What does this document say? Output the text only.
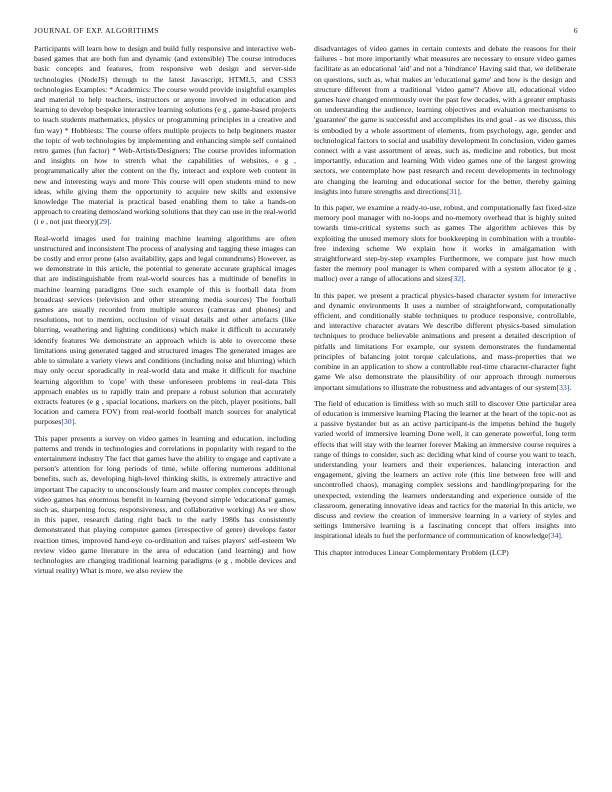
JOURNAL OF EXP. ALGORITHMS	6

Participants will learn how to design and build fully responsive and interactive web-based games that are both fun and dynamic (and extensible) The course introduces basic concepts and features, from responsive web design and server-side technologies (NodeJS) through to the latest Javascript, HTML5, and CSS3 technologies Examples: * Academics: The course would provide insightful examples and material to help teachers, instructors or anyone involved in education and learning to develop bespoke interactive learning solutions (e g , game-based projects to teach students mathematics, physics or programming principles in a creative and fun way) * Hobbiests: The course offers multiple projects to help beginners master the topic of web technologies by implementing and enhancing simple self contained retro games (fun factor) * Web-Artists/Designers: The course provides information and insights on how to stretch what the capabilities of websites, e g , programmatically alter the content on the fly, interact and explore web content in new and interesting ways and more This course will open students mind to new ideas, while giving them the opportunity to acquire new skills and extensive knowledge The material is practical based enabling them to take a hands-on approach to creating demos/and working solutions that they can use in the real-world (i e , not just theory)[29].

Real-world images used for training machine learning algorithms are often unstructured and inconsistent The process of analysing and tagging these images can be costly and error prone (also availability, gaps and legal conundrums) However, as we demonstrate in this article, the potential to generate accurate graphical images that are indistinguishable from real-world sources has a multitude of benefits in machine learning paradigms One such example of this is football data from broadcast services (television and other streaming media sources) The football games are usually recorded from multiple sources (cameras and phones) and resolutions, not to mention, occlusion of visual details and other artefacts (like blurring, weathering and lighting conditions) which make it difficult to accurately identify features We demonstrate an approach which is able to overcome these limitations using generated tagged and structured images The generated images are able to simulate a variety views and conditions (including noise and blurring) which may only occur sporadically in real-world data and make it difficult for machine learning algorithm to 'cope' with these unforeseen problems in real-data This approach enables us to rapidly train and prepare a robust solution that accurately extracts features (e g , spacial locations, markers on the pitch, player positions, ball location and camera FOV) from real-world football match sources for analytical purposes[30].

This paper presents a survey on video games in learning and education, including patterns and trends in technologies and correlations in popularity with regard to the entertainment industry The fact that games have the ability to engage and captivate a person's attention for long periods of time, while offering numerous additional benefits, such as, developing high-level thinking skills, is extremely attractive and important The capacity to unconsciously learn and master complex concepts through video games has enormous benefit in learning (beyond simple 'educational' games, such as, sharpening focus, responsiveness, and collaborative working) As we show in this paper, research dating right back to the early 1980s has consistently demonstrated that playing computer games (irrespective of genre) develops faster reaction times, improved hand-eye co-ordination and raises players' self-esteem We review video game literature in the area of education (and learning) and how technologies are changing traditional learning paradigms (e g , mobile devices and virtual reality) What is more, we also review the

disadvantages of video games in certain contexts and debate the reasons for their failures - but more importantly what measures are necessary to ensure video games facilitate as an educational 'aid' and not a 'hindrance' Having said that, we deliberate on questions, such as, what makes an 'educational game' and how is the design and structure different from a traditional 'video game'? Above all, educational video games have changed enormously over the past few decades, with a greater emphasis on understanding the audience, learning objectives and evaluation mechanisms to 'guarantee' the game is successful and accomplishes its end goal - as we discuss, this is embodied by a whole assortment of elements, from psychology, age, gender and technological factors to social and usability development In conclusion, video games connect with a vast assortment of areas, such as, medicine and robotics, but most importantly, education and learning With video games one of the largest growing sectors, we contemplate how past research and recent developments in technology are changing the learning and educational sector for the better, thereby gaining insights into future strengths and directions[31].

In this paper, we examine a ready-to-use, robust, and computationally fast fixed-size memory pool manager with no-loops and no-memory overhead that is highly suited towards time-critical systems such as games The algorithm achieves this by exploiting the unused memory slots for bookkeeping in combination with a trouble-free indexing scheme We explain how it works in amalgamation with straightforward step-by-step examples Furthermore, we compare just how much faster the memory pool manager is when compared with a system allocator (e g , malloc) over a range of allocations and sizes[32].

In this paper, we present a practical physics-based character system for interactive and dynamic environments It uses a number of straightforward, computationally efficient, and conditionally stable techniques to produce responsive, controllable, and interactive character avatars We describe different physics-based simulation techniques to produce believable animations and present a detailed description of pitfalls and limitations For example, our system demonstrates the fundamental principles of balancing joint torque calculations, and mass-properties that we combine in an application to show a controllable real-time character-character fight game We also demonstrate the plausibility of our approach through numerous important simulations to illustrate the robustness and advantages of our system[33].

The field of education is limitless with so much still to discover One particular area of education is immersive learning Placing the learner at the heart of the topic-not as a passive bystander but as an active participant-is the impetus behind the hugely varied world of immersive learning Done well, it can generate powerful, long term effects that will stay with the learner forever Making an immersive course requires a range of things to consider, such as: deciding what kind of course you want to teach, understanding your learners and their experiences, balancing interaction and engagement, giving the learners an active role (this line between free will and uncontrolled chaos), managing complex sessions and handling/preparing for the unexpected, extending the learners understanding and experience outside of the classroom, generating innovative ideas and tactics for the material In this article, we discuss and review the creation of immersive learning in a variety of styles and settings Immersive learning is a fascinating concept that offers insights into inspirational ideals to fuel the performance of communication of knowledge[34].

This chapter introduces Linear Complementary Problem (LCP)
